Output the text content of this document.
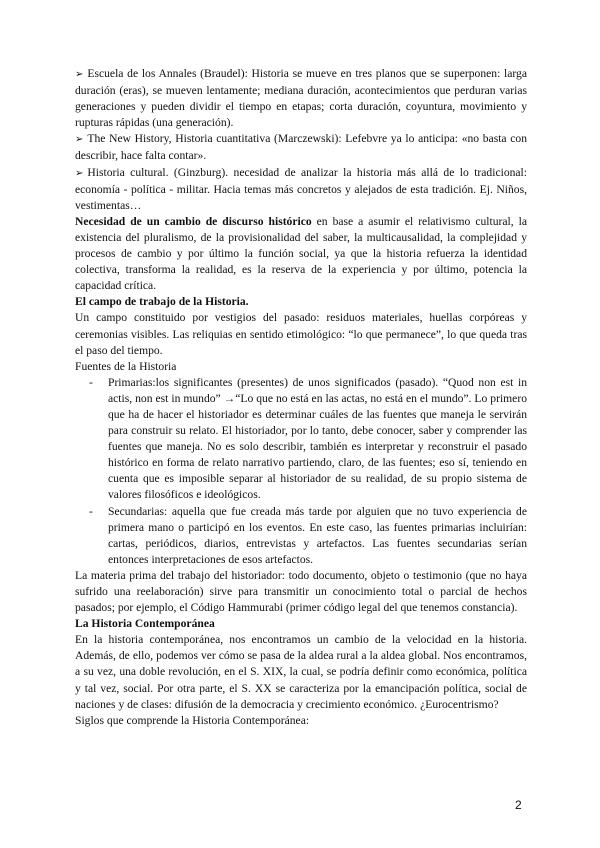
➢ Escuela de los Annales (Braudel): Historia se mueve en tres planos que se superponen: larga duración (eras), se mueven lentamente; mediana duración, acontecimientos que perduran varias generaciones y pueden dividir el tiempo en etapas; corta duración, coyuntura, movimiento y rupturas rápidas (una generación).

➢ The New History, Historia cuantitativa (Marczewski): Lefebvre ya lo anticipa: «no basta con describir, hace falta contar».

➢ Historia cultural. (Ginzburg). necesidad de analizar la historia más allá de lo tradicional: economía - política - militar. Hacia temas más concretos y alejados de esta tradición. Ej. Niños, vestimentas…

Necesidad de un cambio de discurso histórico en base a asumir el relativismo cultural, la existencia del pluralismo, de la provisionalidad del saber, la multicausalidad, la complejidad y procesos de cambio y por último la función social, ya que la historia refuerza la identidad colectiva, transforma la realidad, es la reserva de la experiencia y por último, potencia la capacidad crítica.

El campo de trabajo de la Historia.

Un campo constituido por vestigios del pasado: residuos materiales, huellas corpóreas y ceremonias visibles. Las reliquias en sentido etimológico: “lo que permanece”, lo que queda tras el paso del tiempo.

Fuentes de la Historia

- Primarias:los significantes (presentes) de unos significados (pasado). “Quod non est in actis, non est in mundo” →“Lo que no está en las actas, no está en el mundo”. Lo primero que ha de hacer el historiador es determinar cuáles de las fuentes que maneja le servirán para construir su relato. El historiador, por lo tanto, debe conocer, saber y comprender las fuentes que maneja. No es solo describir, también es interpretar y reconstruir el pasado histórico en forma de relato narrativo partiendo, claro, de las fuentes; eso sí, teniendo en cuenta que es imposible separar al historiador de su realidad, de su propio sistema de valores filosóficos e ideológicos.
- Secundarias: aquella que fue creada más tarde por alguien que no tuvo experiencia de primera mano o participó en los eventos. En este caso, las fuentes primarias incluirían: cartas, periódicos, diarios, entrevistas y artefactos. Las fuentes secundarias serían entonces interpretaciones de esos artefactos.

La materia prima del trabajo del historiador: todo documento, objeto o testimonio (que no haya sufrido una reelaboración) sirve para transmitir un conocimiento total o parcial de hechos pasados; por ejemplo, el Código Hammurabi (primer código legal del que tenemos constancia).

La Historia Contemporánea

En la historia contemporánea, nos encontramos un cambio de la velocidad en la historia. Además, de ello, podemos ver cómo se pasa de la aldea rural a la aldea global. Nos encontramos, a su vez, una doble revolución, en el S. XIX, la cual, se podría definir como económica, política y tal vez, social. Por otra parte, el S. XX se caracteriza por la emancipación política, social de naciones y de clases: difusión de la democracia y crecimiento económico. ¿Eurocentrismo?

Siglos que comprende la Historia Contemporánea:

2
